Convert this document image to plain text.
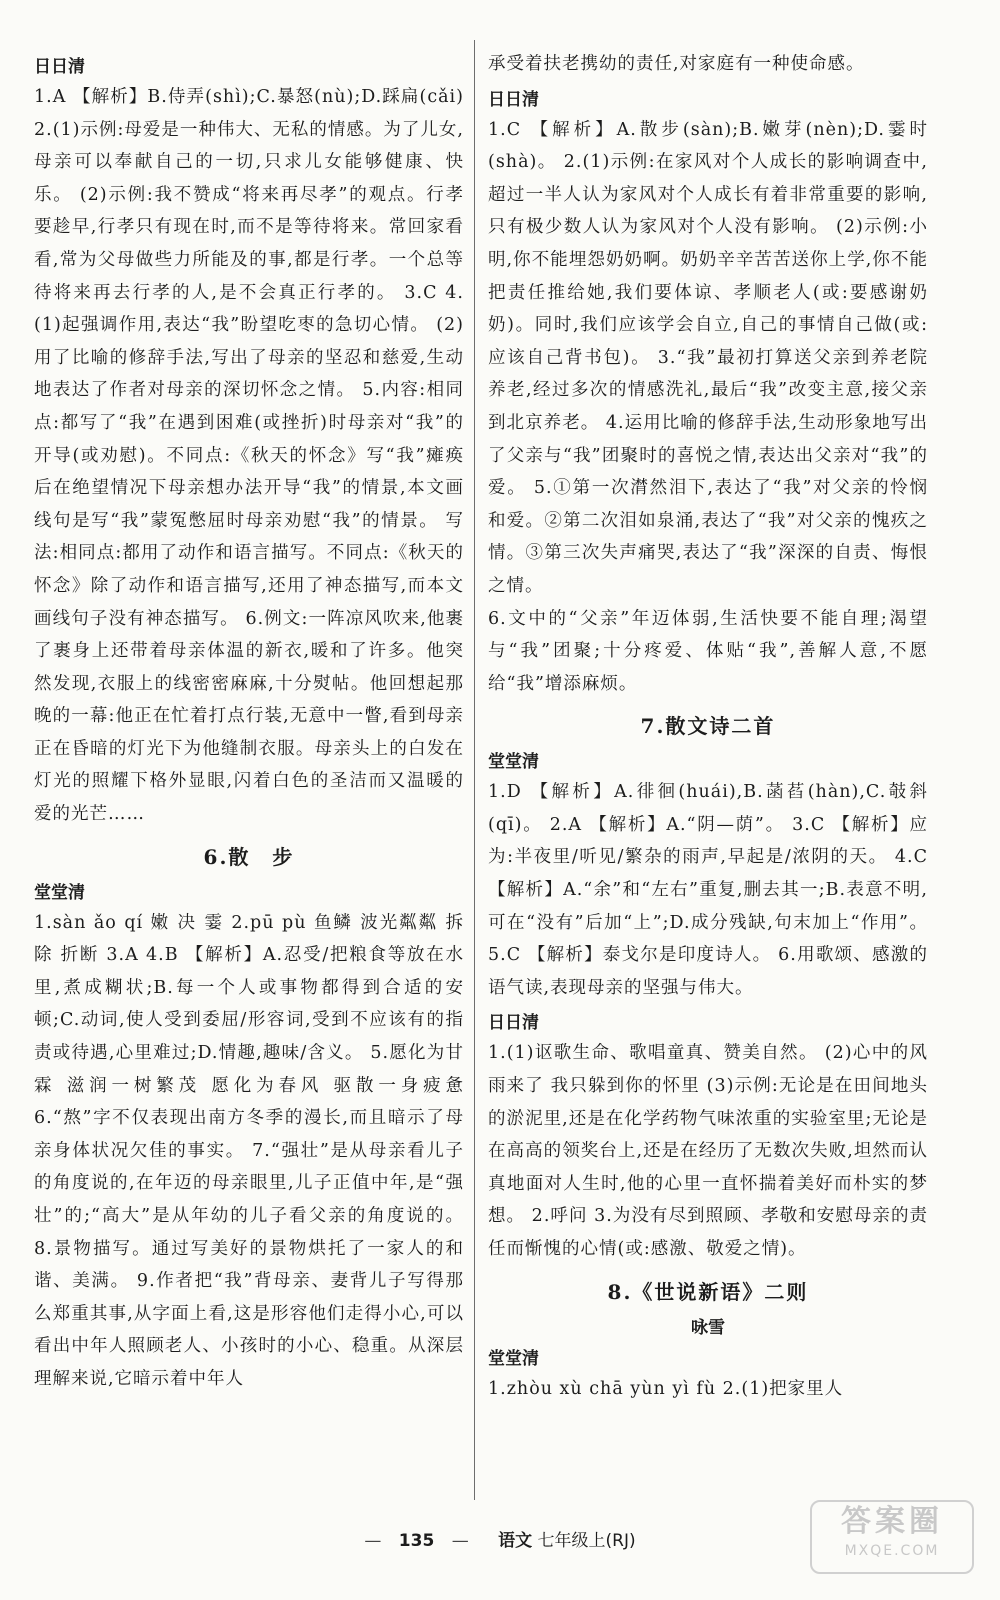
日日清

1.A 【解析】B.侍弄(shì);C.暴怒(nù);D.踩扁(cǎi) 2.(1)示例:母爱是一种伟大、无私的情感。为了儿女,母亲可以奉献自己的一切,只求儿女能够健康、快乐。 (2)示例:我不赞成“将来再尽孝”的观点。行孝要趁早,行孝只有现在时,而不是等待将来。常回家看看,常为父母做些力所能及的事,都是行孝。一个总等待将来再去行孝的人,是不会真正行孝的。 3.C 4.(1)起强调作用,表达“我”盼望吃枣的急切心情。 (2)用了比喻的修辞手法,写出了母亲的坚忍和慈爱,生动地表达了作者对母亲的深切怀念之情。 5.内容:相同点:都写了“我”在遇到困难(或挫折)时母亲对“我”的开导(或劝慰)。不同点:《秋天的怀念》写“我”瘫痪后在绝望情况下母亲想办法开导“我”的情景,本文画线句是写“我”蒙冤憋屈时母亲劝慰“我”的情景。 写法:相同点:都用了动作和语言描写。不同点:《秋天的怀念》除了动作和语言描写,还用了神态描写,而本文画线句子没有神态描写。 6.例文:一阵凉风吹来,他裹了裹身上还带着母亲体温的新衣,暖和了许多。他突然发现,衣服上的线密密麻麻,十分熨帖。他回想起那晚的一幕:他正在忙着打点行装,无意中一瞥,看到母亲正在昏暗的灯光下为他缝制衣服。母亲头上的白发在灯光的照耀下格外显眼,闪着白色的圣洁而又温暖的爱的光芒……

6.散　步
堂堂清

1.sàn ǎo qí 嫩 决 霎 2.pū pù 鱼鳞 波光粼粼 拆除 折断 3.A 4.B 【解析】A.忍受/把粮食等放在水里,煮成糊状;B.每一个人或事物都得到合适的安顿;C.动词,使人受到委屈/形容词,受到不应该有的指责或待遇,心里难过;D.情趣,趣味/含义。 5.愿化为甘霖 滋润一树繁茂 愿化为春风 驱散一身疲惫 6.“熬”字不仅表现出南方冬季的漫长,而且暗示了母亲身体状况欠佳的事实。 7.“强壮”是从母亲看儿子的角度说的,在年迈的母亲眼里,儿子正值中年,是“强壮”的;“高大”是从年幼的儿子看父亲的角度说的。 8.景物描写。通过写美好的景物烘托了一家人的和谐、美满。 9.作者把“我”背母亲、妻背儿子写得那么郑重其事,从字面上看,这是形容他们走得小心,可以看出中年人照顾老人、小孩时的小心、稳重。从深层理解来说,它暗示着中年人

承受着扶老携幼的责任,对家庭有一种使命感。

日日清

1.C 【解析】A.散步(sàn);B.嫩芽(nèn);D.霎时(shà)。 2.(1)示例:在家风对个人成长的影响调查中,超过一半人认为家风对个人成长有着非常重要的影响,只有极少数人认为家风对个人没有影响。 (2)示例:小明,你不能埋怨奶奶啊。奶奶辛辛苦苦送你上学,你不能把责任推给她,我们要体谅、孝顺老人(或:要感谢奶奶)。同时,我们应该学会自立,自己的事情自己做(或:应该自己背书包)。 3.“我”最初打算送父亲到养老院养老,经过多次的情感洗礼,最后“我”改变主意,接父亲到北京养老。 4.运用比喻的修辞手法,生动形象地写出了父亲与“我”团聚时的喜悦之情,表达出父亲对“我”的爱。 5.①第一次潸然泪下,表达了“我”对父亲的怜悯和爱。②第二次泪如泉涌,表达了“我”对父亲的愧疚之情。③第三次失声痛哭,表达了“我”深深的自责、悔恨之情。

6.文中的“父亲”年迈体弱,生活快要不能自理;渴望与“我”团聚;十分疼爱、体贴“我”,善解人意,不愿给“我”增添麻烦。

7.散文诗二首
堂堂清

1.D 【解析】A.徘徊(huái),B.菡萏(hàn),C.攲斜(qī)。 2.A 【解析】A.“阴—荫”。 3.C 【解析】应为:半夜里/听见/繁杂的雨声,早起是/浓阴的天。 4.C 【解析】A.“余”和“左右”重复,删去其一;B.表意不明,可在“没有”后加“上”;D.成分残缺,句末加上“作用”。 5.C 【解析】泰戈尔是印度诗人。 6.用歌颂、感激的语气读,表现母亲的坚强与伟大。

日日清

1.(1)讴歌生命、歌唱童真、赞美自然。 (2)心中的风雨来了 我只躲到你的怀里 (3)示例:无论是在田间地头的淤泥里,还是在化学药物气味浓重的实验室里;无论是在高高的领奖台上,还是在经历了无数次失败,坦然而认真地面对人生时,他的心里一直怀揣着美好而朴实的梦想。 2.呼问 3.为没有尽到照顾、孝敬和安慰母亲的责任而惭愧的心情(或:感激、敬爱之情)。

8.《世说新语》二则
咏雪
堂堂清

1.zhòu xù chā yùn yì fù 2.(1)把家里人

— 135 — 语文 七年级上(RJ)
答案圈
MXQE.COM
